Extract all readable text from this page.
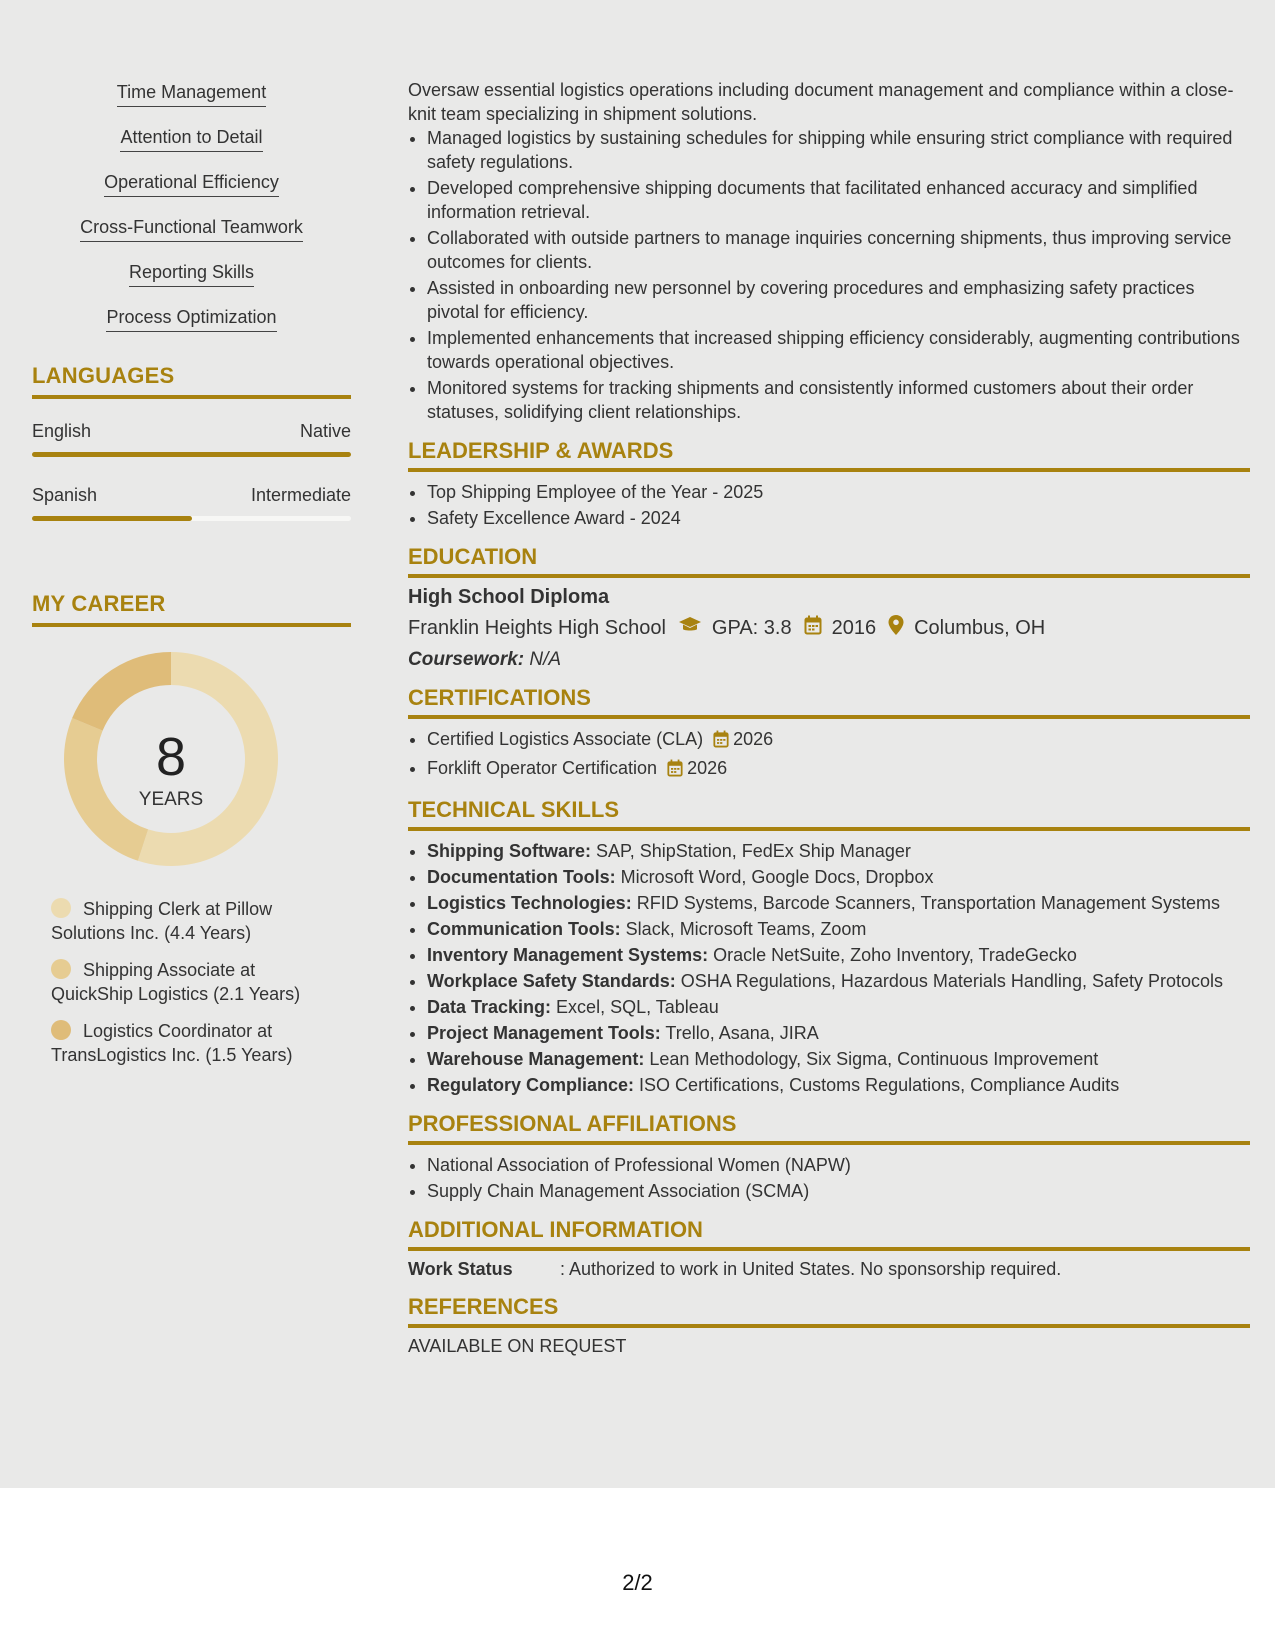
Time Management
Attention to Detail
Operational Efficiency
Cross-Functional Teamwork
Reporting Skills
Process Optimization
LANGUAGES
English	Native
Spanish	Intermediate
MY CAREER
8
YEARS
Shipping Clerk at Pillow Solutions Inc. (4.4 Years)
Shipping Associate at QuickShip Logistics (2.1 Years)
Logistics Coordinator at TransLogistics Inc. (1.5 Years)
Oversaw essential logistics operations including document management and compliance within a close-knit team specializing in shipment solutions.
• Managed logistics by sustaining schedules for shipping while ensuring strict compliance with required safety regulations.
• Developed comprehensive shipping documents that facilitated enhanced accuracy and simplified information retrieval.
• Collaborated with outside partners to manage inquiries concerning shipments, thus improving service outcomes for clients.
• Assisted in onboarding new personnel by covering procedures and emphasizing safety practices pivotal for efficiency.
• Implemented enhancements that increased shipping efficiency considerably, augmenting contributions towards operational objectives.
• Monitored systems for tracking shipments and consistently informed customers about their order statuses, solidifying client relationships.
LEADERSHIP & AWARDS
• Top Shipping Employee of the Year - 2025
• Safety Excellence Award - 2024
EDUCATION
High School Diploma
Franklin Heights High School GPA: 3.8 2016 Columbus, OH
Coursework: N/A
CERTIFICATIONS
• Certified Logistics Associate (CLA) 2026
• Forklift Operator Certification 2026
TECHNICAL SKILLS
• Shipping Software: SAP, ShipStation, FedEx Ship Manager
• Documentation Tools: Microsoft Word, Google Docs, Dropbox
• Logistics Technologies: RFID Systems, Barcode Scanners, Transportation Management Systems
• Communication Tools: Slack, Microsoft Teams, Zoom
• Inventory Management Systems: Oracle NetSuite, Zoho Inventory, TradeGecko
• Workplace Safety Standards: OSHA Regulations, Hazardous Materials Handling, Safety Protocols
• Data Tracking: Excel, SQL, Tableau
• Project Management Tools: Trello, Asana, JIRA
• Warehouse Management: Lean Methodology, Six Sigma, Continuous Improvement
• Regulatory Compliance: ISO Certifications, Customs Regulations, Compliance Audits
PROFESSIONAL AFFILIATIONS
• National Association of Professional Women (NAPW)
• Supply Chain Management Association (SCMA)
ADDITIONAL INFORMATION
Work Status	: Authorized to work in United States. No sponsorship required.
REFERENCES
AVAILABLE ON REQUEST
2/2
